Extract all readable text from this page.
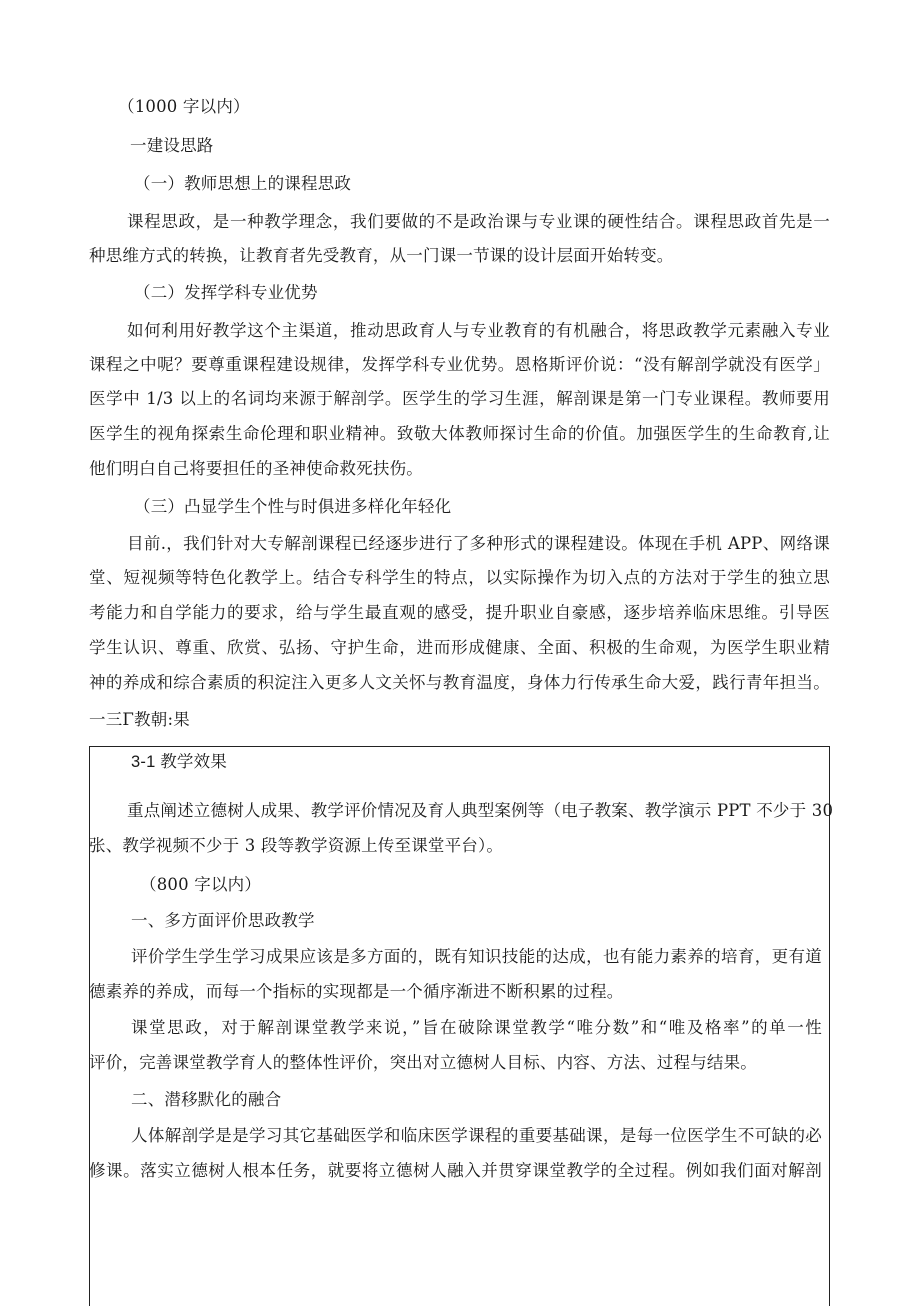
（1000 字以内）
一建设思路
（一）教师思想上的课程思政
课程思政，是一种教学理念，我们要做的不是政治课与专业课的硬性结合。课程思政首先是一
种思维方式的转换，让教育者先受教育，从一门课一节课的设计层面开始转变。
（二）发挥学科专业优势
如何利用好教学这个主渠道，推动思政育人与专业教育的有机融合，将思政教学元素融入专业
课程之中呢？要尊重课程建设规律，发挥学科专业优势。恩格斯评价说：“没有解剖学就没有医学」
医学中 1/3 以上的名词均来源于解剖学。医学生的学习生涯，解剖课是第一门专业课程。教师要用
医学生的视角探索生命伦理和职业精神。致敬大体教师探讨生命的价值。加强医学生的生命教育,让
他们明白自己将要担任的圣神使命救死扶伤。
（三）凸显学生个性与时俱进多样化年轻化
目前.，我们针对大专解剖课程已经逐步进行了多种形式的课程建设。体现在手机 APP、网络课
堂、短视频等特色化教学上。结合专科学生的特点，以实际操作为切入点的方法对于学生的独立思
考能力和自学能力的要求，给与学生最直观的感受，提升职业自豪感，逐步培养临床思维。引导医
学生认识、尊重、欣赏、弘扬、守护生命，进而形成健康、全面、积极的生命观，为医学生职业精
神的养成和综合素质的积淀注入更多人文关怀与教育温度，身体力行传承生命大爱，践行青年担当。
一三Γ教朝:果
3-1 教学效果
重点阐述立德树人成果、教学评价情况及育人典型案例等（电子教案、教学演示 PPT 不少于 30
张、教学视频不少于 3 段等教学资源上传至课堂平台）。
（800 字以内）
一、多方面评价思政教学
评价学生学生学习成果应该是多方面的，既有知识技能的达成，也有能力素养的培育，更有道
德素养的养成，而每一个指标的实现都是一个循序渐进不断积累的过程。
课堂思政，对于解剖课堂教学来说，”旨在破除课堂教学“唯分数”和“唯及格率”的单一性
评价，完善课堂教学育人的整体性评价，突出对立德树人目标、内容、方法、过程与结果。
二、潜移默化的融合
人体解剖学是是学习其它基础医学和临床医学课程的重要基础课，是每一位医学生不可缺的必
修课。落实立德树人根本任务，就要将立德树人融入并贯穿课堂教学的全过程。例如我们面对解剖
